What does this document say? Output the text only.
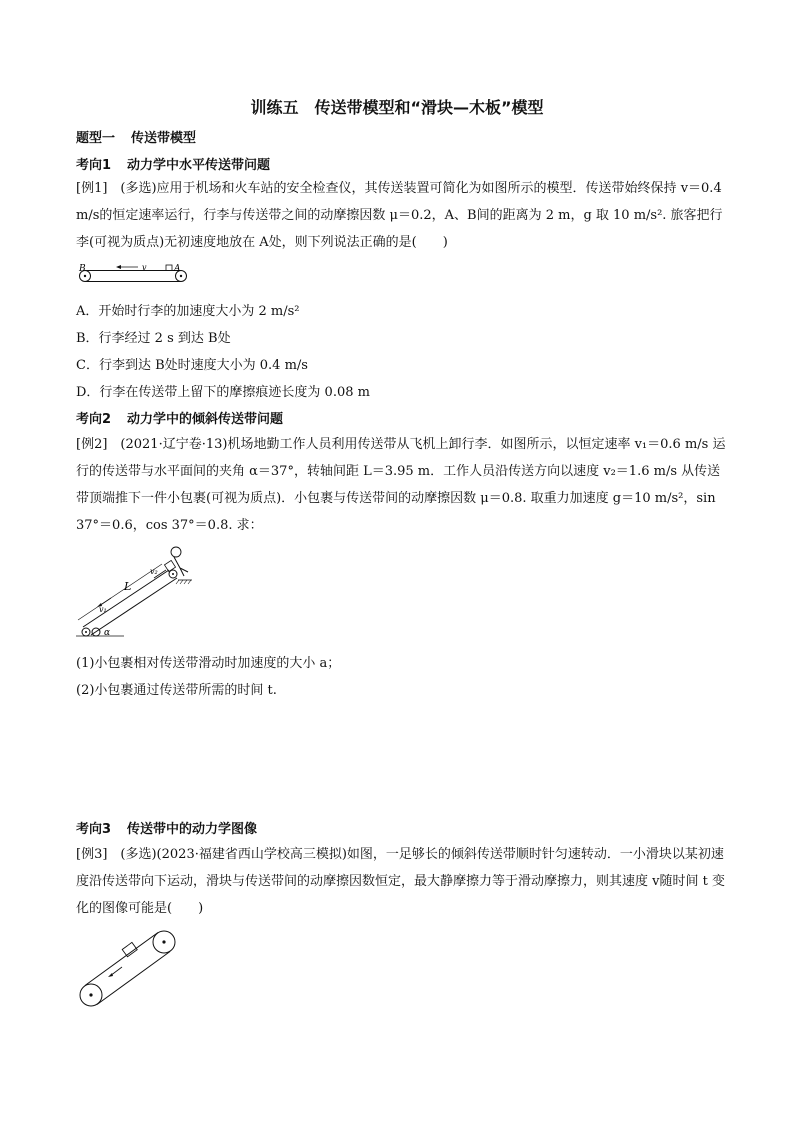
训练五　传送带模型和“滑块—木板”模型
题型一 传送带模型
考向1 动力学中水平传送带问题
[例1]　(多选)应用于机场和火车站的安全检查仪，其传送装置可简化为如图所示的模型．传送带始终保持 v＝0.4 m/s的恒定速率运行，行李与传送带之间的动摩擦因数 μ＝0.2，A、B间的距离为 2 m，g 取 10 m/s². 旅客把行李(可视为质点)无初速度地放在 A处，则下列说法正确的是(　　)
B	A
v
A．开始时行李的加速度大小为 2 m/s²
B．行李经过 2 s 到达 B处
C．行李到达 B处时速度大小为 0.4 m/s
D．行李在传送带上留下的摩擦痕迹长度为 0.08 m
考向2 动力学中的倾斜传送带问题
[例2]　(2021·辽宁卷·13)机场地勤工作人员利用传送带从飞机上卸行李．如图所示，以恒定速率 v₁＝0.6 m/s 运行的传送带与水平面间的夹角 α＝37°，转轴间距 L＝3.95 m．工作人员沿传送方向以速度 v₂＝1.6 m/s 从传送带顶端推下一件小包裹(可视为质点)．小包裹与传送带间的动摩擦因数 μ＝0.8. 取重力加速度 g＝10 m/s²，sin 37°＝0.6，cos 37°＝0.8. 求：
L
v₁
v₂
α
(1)小包裹相对传送带滑动时加速度的大小 a；
(2)小包裹通过传送带所需的时间 t.
考向3 传送带中的动力学图像
[例3]　(多选)(2023·福建省西山学校高三模拟)如图，一足够长的倾斜传送带顺时针匀速转动．一小滑块以某初速度沿传送带向下运动，滑块与传送带间的动摩擦因数恒定，最大静摩擦力等于滑动摩擦力，则其速度 v随时间 t 变化的图像可能是(　　)
